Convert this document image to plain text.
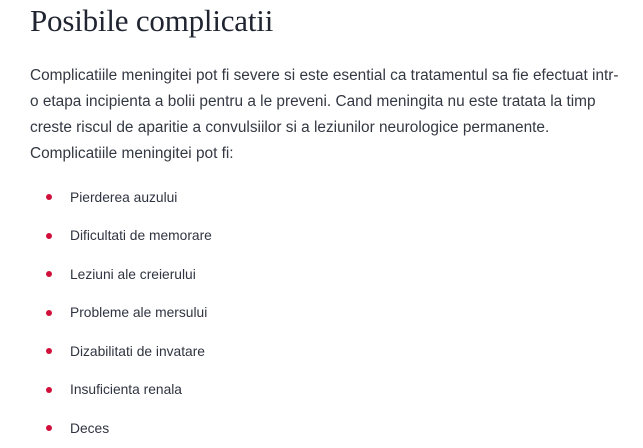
Posibile complicatii

Complicatiile meningitei pot fi severe si este esential ca tratamentul sa fie efectuat intr-o etapa incipienta a bolii pentru a le preveni. Cand meningita nu este tratata la timp creste riscul de aparitie a convulsiilor si a leziunilor neurologice permanente. Complicatiile meningitei pot fi:

Pierderea auzului
Dificultati de memorare
Leziuni ale creierului
Probleme ale mersului
Dizabilitati de invatare
Insuficienta renala
Deces
